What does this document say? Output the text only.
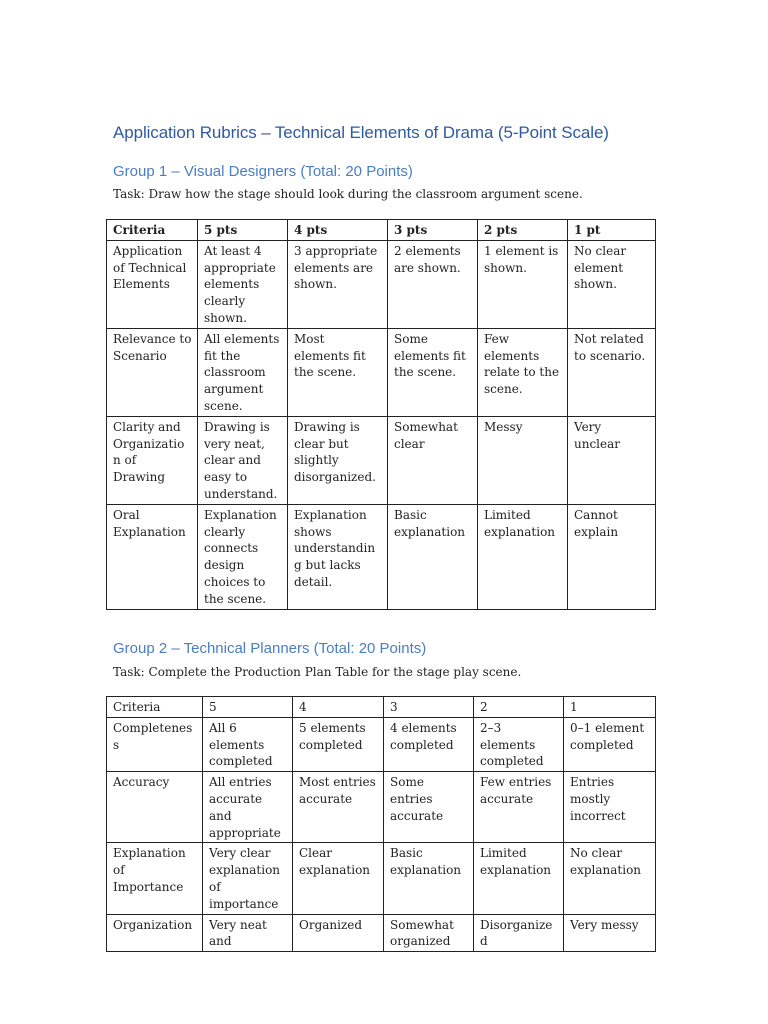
Application Rubrics – Technical Elements of Drama (5-Point Scale)
Group 1 – Visual Designers (Total: 20 Points)

Task: Draw how the stage should look during the classroom argument scene.

Criteria	5 pts	4 pts	3 pts	2 pts	1 pt
Application of Technical Elements	At least 4 appropriate elements clearly shown.	3 appropriate elements are shown.	2 elements are shown.	1 element is shown.	No clear element shown.
Relevance to Scenario	All elements fit the classroom argument scene.	Most elements fit the scene.	Some elements fit the scene.	Few elements relate to the scene.	Not related to scenario.
Clarity and Organization of Drawing	Drawing is very neat, clear and easy to understand.	Drawing is clear but slightly disorganized.	Somewhat clear	Messy	Very unclear
Oral Explanation	Explanation clearly connects design choices to the scene.	Explanation shows understanding but lacks detail.	Basic explanation	Limited explanation	Cannot explain
Group 2 – Technical Planners (Total: 20 Points)

Task: Complete the Production Plan Table for the stage play scene.

Criteria	5	4	3	2	1
Completeness	All 6 elements completed	5 elements completed	4 elements completed	2–3 elements completed	0–1 element completed
Accuracy	All entries accurate and appropriate	Most entries accurate	Some entries accurate	Few entries accurate	Entries mostly incorrect
Explanation of Importance	Very clear explanation of importance	Clear explanation	Basic explanation	Limited explanation	No clear explanation
Organization	Very neat and	Organized	Somewhat organized	Disorganized	Very messy
